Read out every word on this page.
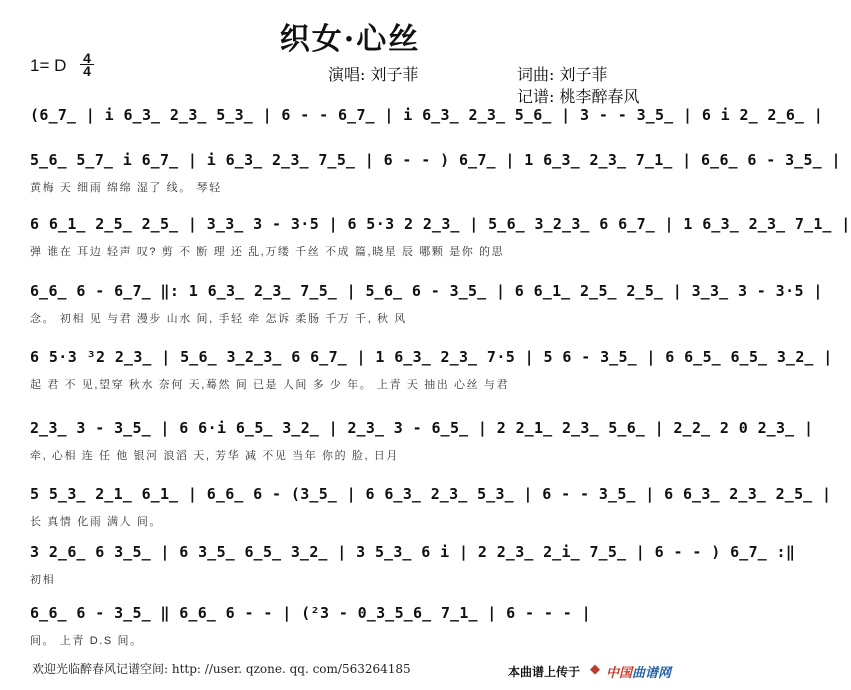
织女·心丝
1= D $\frac{4}{4}$	演唱: 刘子菲	词曲: 刘子菲
记谱: 桃李醉春风
(6̲7̲ | i 6̲3̲ 2̲3̲ 5̲3̲ | 6 - - 6̲7̲ | i 6̲3̲ 2̲3̲ 5̲6̲ | 3 - - 3̲5̲ | 6 i 2̲ 2̲6̲ |
5̲6̲ 5̲7̲ i 6̲7̲ | i 6̲3̲ 2̲3̲ 7̲5̲ | 6 - - ) 6̲7̲ | 1 6̲3̲ 2̲3̲ 7̲1̲ | 6̲6̲ 6 - 3̲5̲ |
黄梅 天 细雨 绵绵 湿了 线。 琴轻
6 6̲1̲ 2̲5̲ 2̲5̲ | 3̲3̲ 3 - 3·5 | 6 5·3 2 2̲3̲ | 5̲6̲ 3̲2̲3̲ 6 6̲7̲ | 1 6̲3̲ 2̲3̲ 7̲1̲ |
弹 谁在 耳边 轻声 叹? 剪 不 断 理 还 乱,万缕 千丝 不成 篇,晓星 辰 哪颗 是你 的思
6̲6̲ 6 - 6̲7̲ ‖: 1 6̲3̲ 2̲3̲ 7̲5̲ | 5̲6̲ 6 - 3̲5̲ | 6 6̲1̲ 2̲5̲ 2̲5̲ | 3̲3̲ 3 - 3·5 |
念。 初相 见 与君 漫步 山水 间, 手轻 牵 怎诉 柔肠 千万 千, 秋 风
6 5·3 ³2 2̲3̲ | 5̲6̲ 3̲2̲3̲ 6 6̲7̲ | 1 6̲3̲ 2̲3̲ 7·5 | 5 6 - 3̲5̲ | 6 6̲5̲ 6̲5̲ 3̲2̲ |
起 君 不 见,望穿 秋水 奈何 天,蓦然 间 已是 人间 多 少 年。 上青 天 抽出 心丝 与君
2̲3̲ 3 - 3̲5̲ | 6 6·i 6̲5̲ 3̲2̲ | 2̲3̲ 3 - 6̲5̲ | 2 2̲1̲ 2̲3̲ 5̲6̲ | 2̲2̲ 2 0 2̲3̲ |
牵, 心相 连 任 他 银河 浪滔 天, 芳华 减 不见 当年 你的 脸, 日月
5 5̲3̲ 2̲1̲ 6̲1̲ | 6̲6̲ 6 - (3̲5̲ | 6 6̲3̲ 2̲3̲ 5̲3̲ | 6 - - 3̲5̲ | 6 6̲3̲ 2̲3̲ 2̲5̲ |
长 真情 化雨 满人 间。
3 2̲6̲ 6 3̲5̲ | 6 3̲5̲ 6̲5̲ 3̲2̲ | 3 5̲3̲ 6 i | 2 2̲3̲ 2̲i̲ 7̲5̲ | 6 - - ) 6̲7̲ :‖
初相
6̲6̲ 6 - 3̲5̲ ‖ 6̲6̲ 6 - - | (²3 - 0̲3̲5̲6̲ 7̲1̲ | 6 - - - |
间。 上青 D.S 间。
欢迎光临醉春风记谱空间: http: //user. qzone. qq. com/563264185	本曲谱上传于 ◆ 中国曲谱网
